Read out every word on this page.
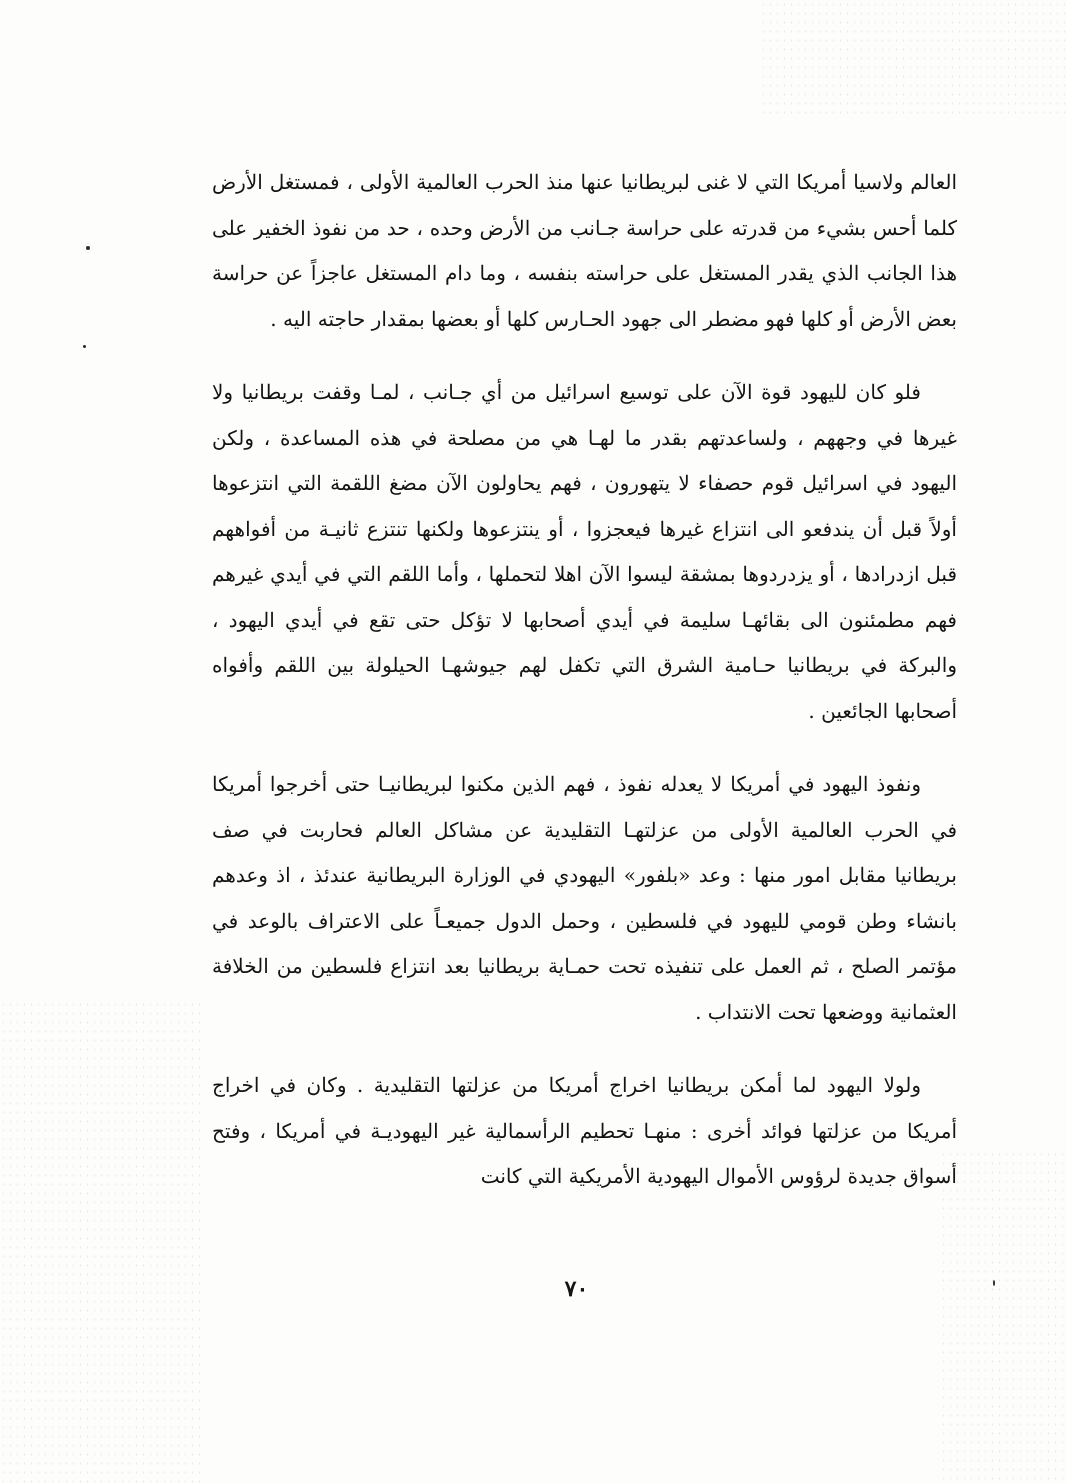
العالم ولاسيا أمريكا التي لا غنى لبريطانيا عنها منذ الحرب العالمية الأولى ، فمستغل الأرض كلما أحس بشيء من قدرته على حراسة جـانب من الأرض وحده ، حد من نفوذ الخفير على هذا الجانب الذي يقدر المستغل على حراسته بنفسه ، وما دام المستغل عاجزاً عن حراسة بعض الأرض أو كلها فهو مضطر الى جهود الحـارس كلها أو بعضها بمقدار حاجته اليه .

فلو كان لليهود قوة الآن على توسيع اسرائيل من أي جـانب ، لمـا وقفت بريطانيا ولا غيرها في وجههم ، ولساعدتهم بقدر ما لهـا هي من مصلحة في هذه المساعدة ، ولكن اليهود في اسرائيل قوم حصفاء لا يتهورون ، فهم يحاولون الآن مضغ اللقمة التي انتزعوها أولاً قبل أن يندفعو الى انتزاع غيرها فيعجزوا ، أو ينتزعوها ولكنها تنتزع ثانيـة من أفواههم قبل ازدرادها ، أو يزدردوها بمشقة ليسوا الآن اهلا لتحملها ، وأما اللقم التي في أيدي غيرهم فهم مطمئنون الى بقائهـا سليمة في أيدي أصحابها لا تؤكل حتى تقع في أيدي اليهود ، والبركة في بريطانيا حـامية الشرق التي تكفل لهم جيوشهـا الحيلولة بين اللقم وأفواه أصحابها الجائعين .

ونفوذ اليهود في أمريكا لا يعدله نفوذ ، فهم الذين مكنوا لبريطانيـا حتى أخرجوا أمريكا في الحرب العالمية الأولى من عزلتهـا التقليدية عن مشاكل العالم فحاربت في صف بريطانيا مقابل امور منها : وعد «بلفور» اليهودي في الوزارة البريطانية عندئذ ، اذ وعدهم بانشاء وطن قومي لليهود في فلسطين ، وحمل الدول جميعـاً على الاعتراف بالوعد في مؤتمر الصلح ، ثم العمل على تنفيذه تحت حمـاية بريطانيا بعد انتزاع فلسطين من الخلافة العثمانية ووضعها تحت الانتداب .

ولولا اليهود لما أمكن بريطانيا اخراج أمريكا من عزلتها التقليدية . وكان في اخراج أمريكا من عزلتها فوائد أخرى : منهـا تحطيم الرأسمالية غير اليهوديـة في أمريكا ، وفتح أسواق جديدة لرؤوس الأموال اليهودية الأمريكية التي كانت

٧٠
